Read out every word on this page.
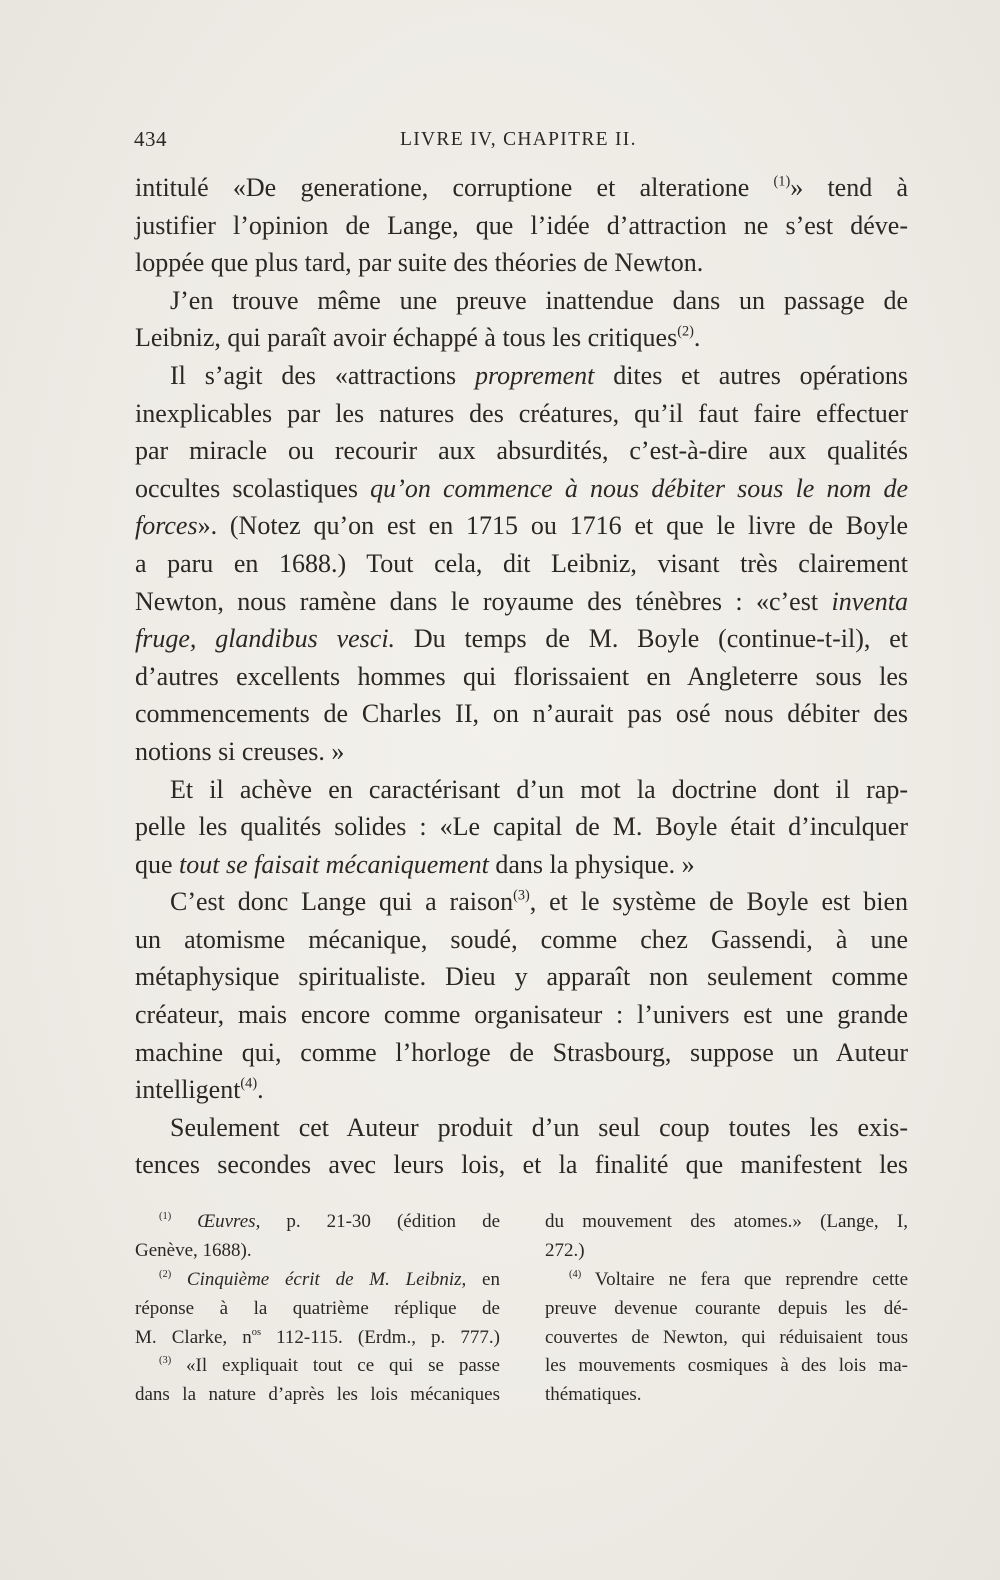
434	LIVRE IV, CHAPITRE II.
intitulé «De generatione, corruptione et alteratione $^{(1)}$» tend à
justifier l’opinion de Lange, que l’idée d’attraction ne s’est déve-
loppée que plus tard, par suite des théories de Newton.
J’en trouve même une preuve inattendue dans un passage de
Leibniz, qui paraît avoir échappé à tous les critiques$^{(2)}$.
Il s’agit des «attractions proprement dites et autres opérations
inexplicables par les natures des créatures, qu’il faut faire effectuer
par miracle ou recourir aux absurdités, c’est-à-dire aux qualités
occultes scolastiques qu’on commence à nous débiter sous le nom de
forces». (Notez qu’on est en 1715 ou 1716 et que le livre de Boyle
a paru en 1688.) Tout cela, dit Leibniz, visant très clairement
Newton, nous ramène dans le royaume des ténèbres : «c’est inventa
fruge, glandibus vesci. Du temps de M. Boyle (continue-t-il), et
d’autres excellents hommes qui florissaient en Angleterre sous les
commencements de Charles II, on n’aurait pas osé nous débiter des
notions si creuses. »
Et il achève en caractérisant d’un mot la doctrine dont il rap-
pelle les qualités solides : «Le capital de M. Boyle était d’inculquer
que tout se faisait mécaniquement dans la physique. »
C’est donc Lange qui a raison$^{(3)}$, et le système de Boyle est bien
un atomisme mécanique, soudé, comme chez Gassendi, à une
métaphysique spiritualiste. Dieu y apparaît non seulement comme
créateur, mais encore comme organisateur : l’univers est une grande
machine qui, comme l’horloge de Strasbourg, suppose un Auteur
intelligent$^{(4)}$.
Seulement cet Auteur produit d’un seul coup toutes les exis-
tences secondes avec leurs lois, et la finalité que manifestent les
$^{(1)}$ Œuvres, p. 21-30 (édition de
Genève, 1688).
$^{(2)}$ Cinquième écrit de M. Leibniz, en
réponse à la quatrième réplique de
M. Clarke, $n^{os}$ 112-115. (Erdm., p. 777.)
$^{(3)}$ «Il expliquait tout ce qui se passe
dans la nature d’après les lois mécaniques
du mouvement des atomes.» (Lange, I,
272.)
$^{(4)}$ Voltaire ne fera que reprendre cette
preuve devenue courante depuis les dé-
couvertes de Newton, qui réduisaient tous
les mouvements cosmiques à des lois ma-
thématiques.
